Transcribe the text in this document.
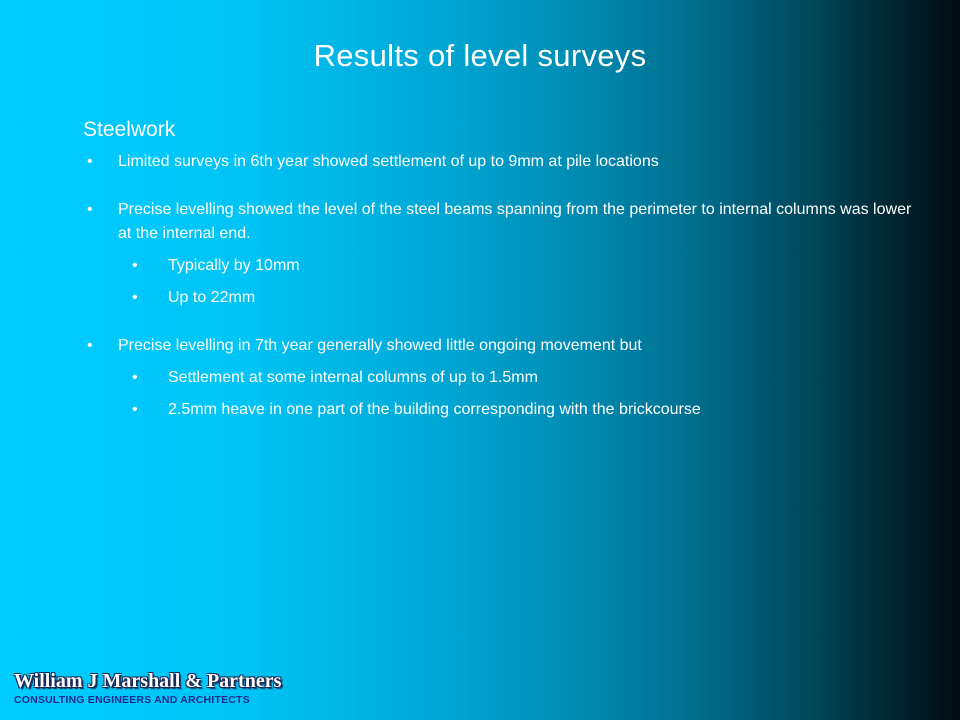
Results of level surveys
Steelwork
• Limited surveys in 6th year showed settlement of up to 9mm at pile locations
• Precise levelling showed the level of the steel beams spanning from the perimeter to internal columns was lower at the internal end.
• Typically by 10mm
• Up to 22mm
• Precise levelling in 7th year generally showed little ongoing movement but
• Settlement at some internal columns of up to 1.5mm
• 2.5mm heave in one part of the building corresponding with the brickcourse
William J Marshall & Partners
CONSULTING ENGINEERS AND ARCHITECTS
